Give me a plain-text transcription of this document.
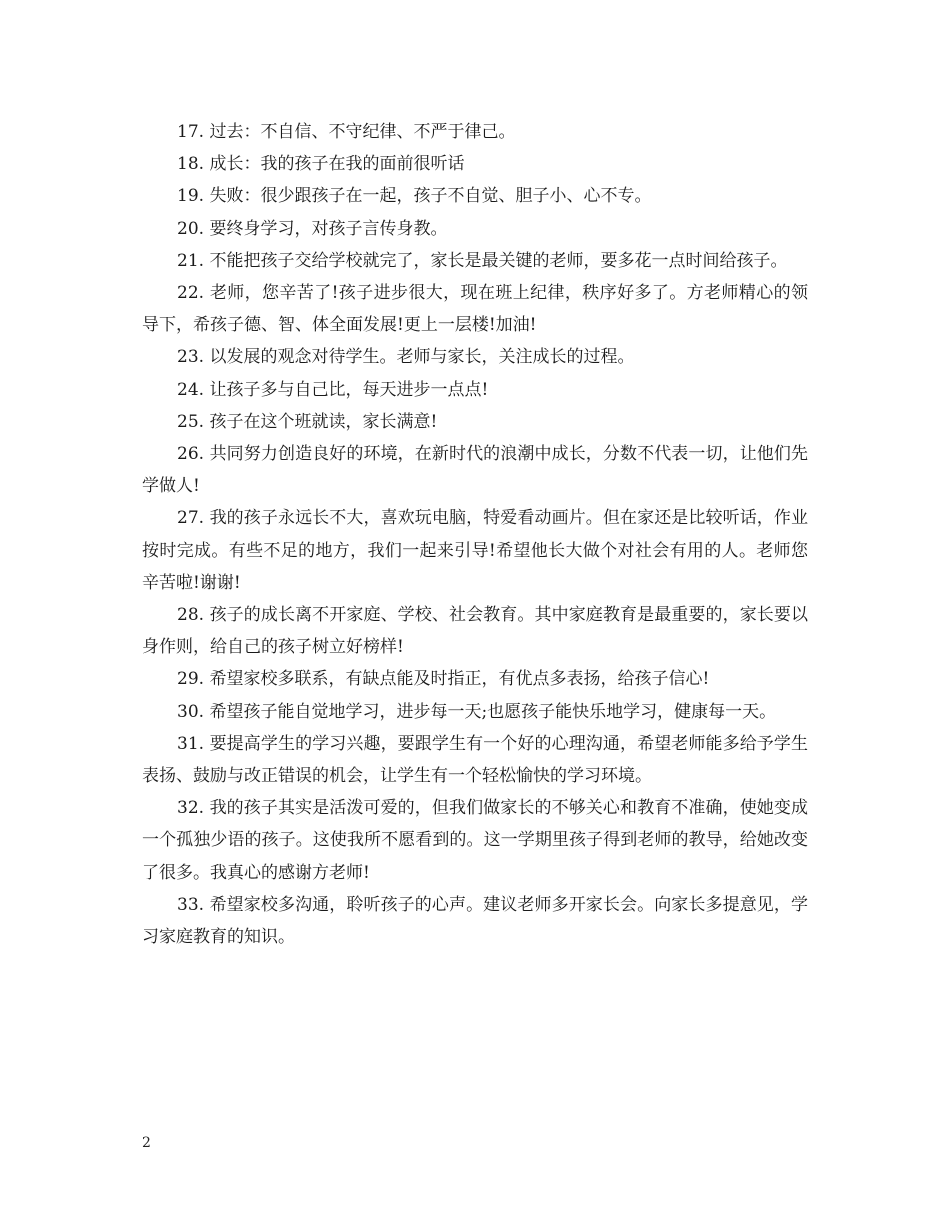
17. 过去：不自信、不守纪律、不严于律己。

18. 成长：我的孩子在我的面前很听话

19. 失败：很少跟孩子在一起，孩子不自觉、胆子小、心不专。

20. 要终身学习，对孩子言传身教。

21. 不能把孩子交给学校就完了，家长是最关键的老师，要多花一点时间给孩子。

22. 老师，您辛苦了!孩子进步很大，现在班上纪律，秩序好多了。方老师精心的领导下，希孩子德、智、体全面发展!更上一层楼!加油!

23. 以发展的观念对待学生。老师与家长，关注成长的过程。

24. 让孩子多与自己比，每天进步一点点!

25. 孩子在这个班就读，家长满意!

26. 共同努力创造良好的环境，在新时代的浪潮中成长，分数不代表一切，让他们先学做人!

27. 我的孩子永远长不大，喜欢玩电脑，特爱看动画片。但在家还是比较听话，作业按时完成。有些不足的地方，我们一起来引导!希望他长大做个对社会有用的人。老师您辛苦啦!谢谢!

28. 孩子的成长离不开家庭、学校、社会教育。其中家庭教育是最重要的，家长要以身作则，给自己的孩子树立好榜样!

29. 希望家校多联系，有缺点能及时指正，有优点多表扬，给孩子信心!

30. 希望孩子能自觉地学习，进步每一天;也愿孩子能快乐地学习，健康每一天。

31. 要提高学生的学习兴趣，要跟学生有一个好的心理沟通，希望老师能多给予学生表扬、鼓励与改正错误的机会，让学生有一个轻松愉快的学习环境。

32. 我的孩子其实是活泼可爱的，但我们做家长的不够关心和教育不准确，使她变成一个孤独少语的孩子。这使我所不愿看到的。这一学期里孩子得到老师的教导，给她改变了很多。我真心的感谢方老师!

33. 希望家校多沟通，聆听孩子的心声。建议老师多开家长会。向家长多提意见，学习家庭教育的知识。

2
